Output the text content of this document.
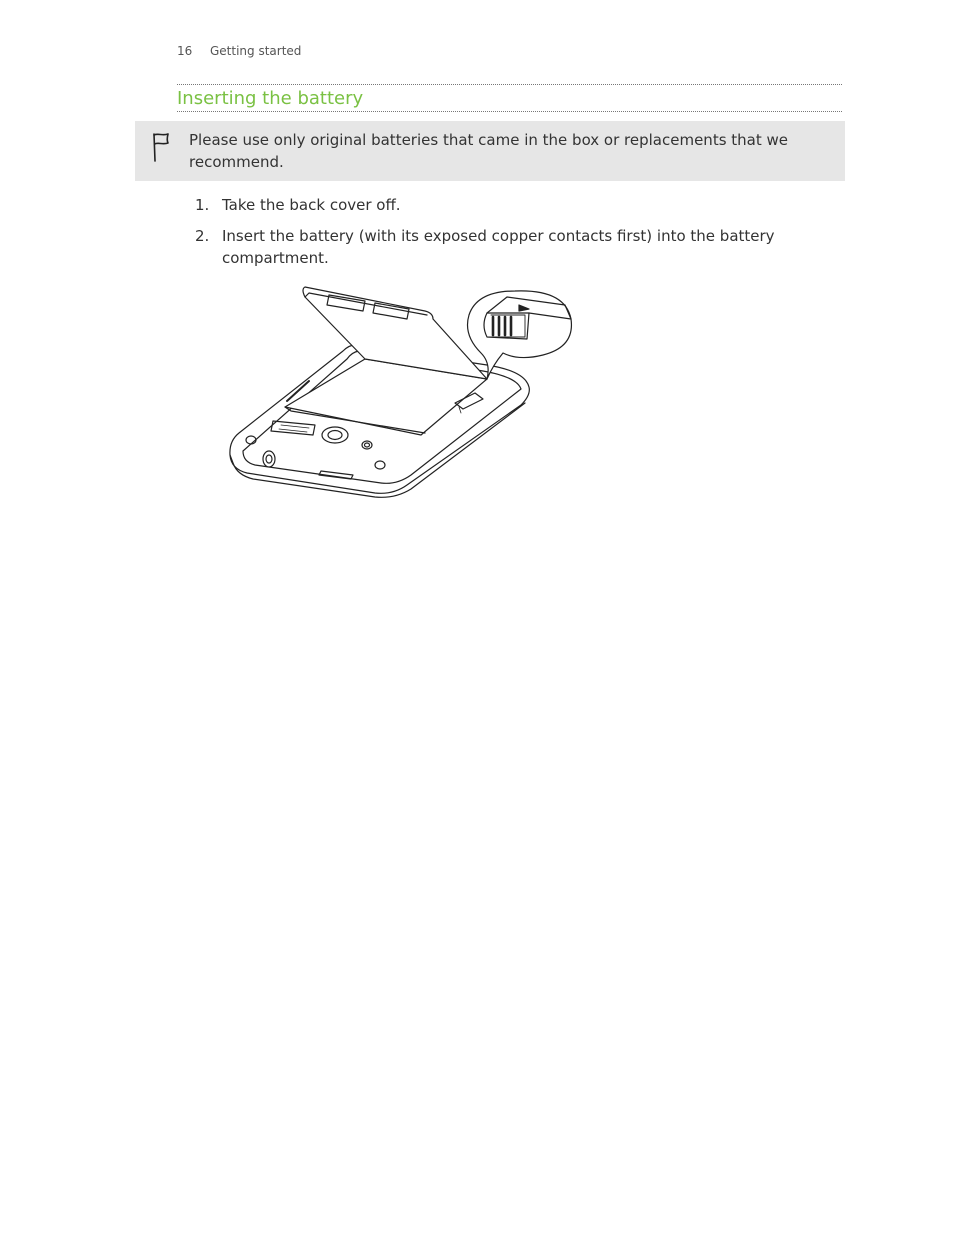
16 Getting started
Inserting the battery
Please use only original batteries that came in the box or replacements that we recommend.
1. Take the back cover off.
2. Insert the battery (with its exposed copper contacts first) into the battery compartment.
